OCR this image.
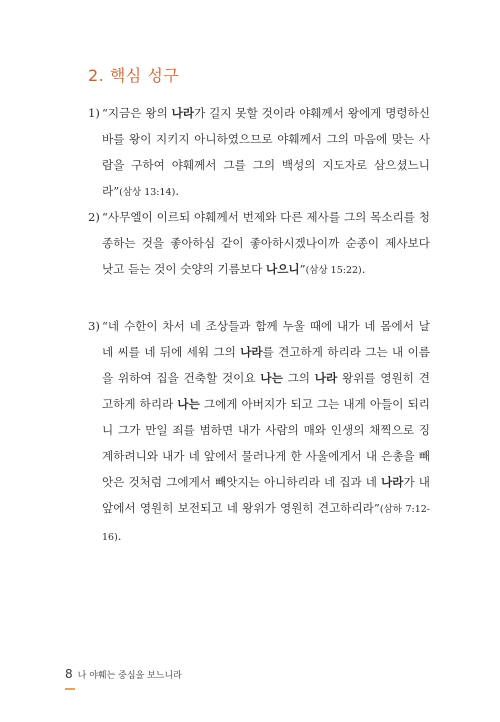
2. 핵심 성구
1) “지금은 왕의 나라가 길지 못할 것이라 야훼께서 왕에게 명령하신 바를 왕이 지키지 아니하였으므로 야훼께서 그의 마음에 맞는 사람을 구하여 야훼께서 그를 그의 백성의 지도자로 삼으셨느니라”(삼상 13:14).
2) “사무엘이 이르되 야훼께서 번제와 다른 제사를 그의 목소리를 청종하는 것을 좋아하심 같이 좋아하시겠나이까 순종이 제사보다 낫고 듣는 것이 숫양의 기름보다 나으니”(삼상 15:22).
3) “네 수한이 차서 네 조상들과 함께 누울 때에 내가 네 몸에서 날 네 씨를 네 뒤에 세워 그의 나라를 견고하게 하리라 그는 내 이름을 위하여 집을 건축할 것이요 나는 그의 나라 왕위를 영원히 견고하게 하리라 나는 그에게 아버지가 되고 그는 내게 아들이 되리니 그가 만일 죄를 범하면 내가 사람의 매와 인생의 채찍으로 징계하려니와 내가 네 앞에서 물러나게 한 사울에게서 내 은총을 빼앗은 것처럼 그에게서 빼앗지는 아니하리라 네 집과 네 나라가 내 앞에서 영원히 보전되고 네 왕위가 영원히 견고하리라”(삼하 7:12-16).
8 나 야훼는 중심을 보느니라
